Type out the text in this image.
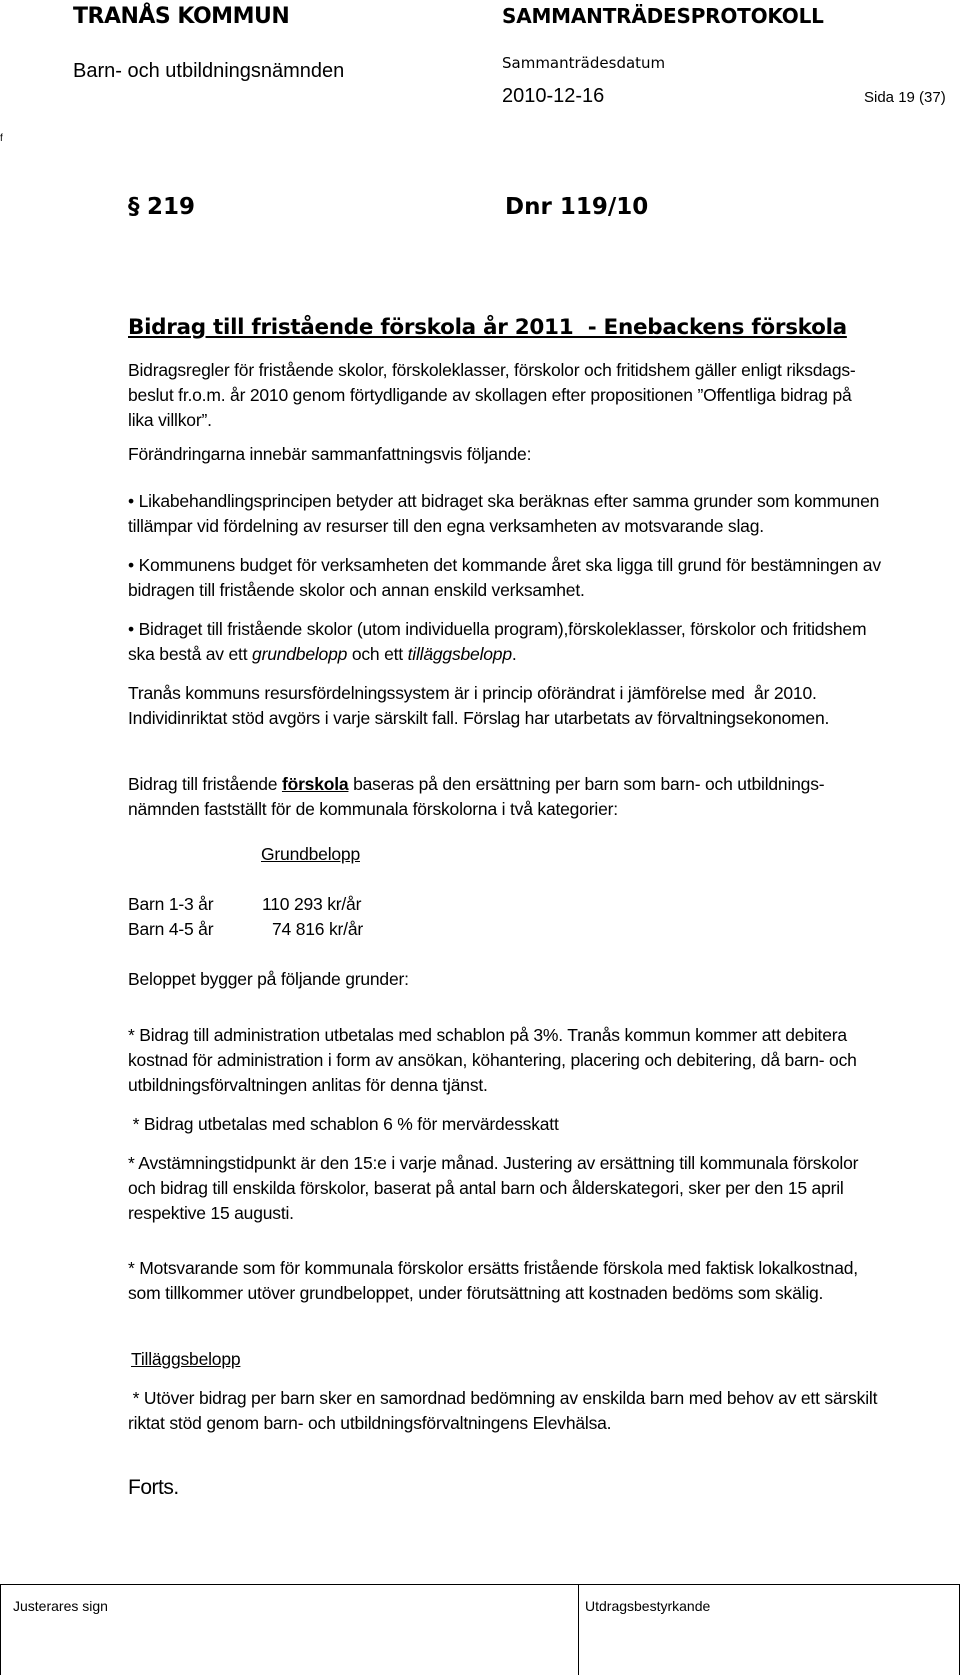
TRANÅS KOMMUN
Barn- och utbildningsnämnden
SAMMANTRÄDESPROTOKOLL
Sammanträdesdatum
2010-12-16	Sida 19 (37)
f
§ 219	Dnr 119/10
Bidrag till fristående förskola år 2011  - Enebackens förskola
Bidragsregler för fristående skolor, förskoleklasser, förskolor och fritidshem gäller enligt riksdags-
beslut fr.o.m. år 2010 genom förtydligande av skollagen efter propositionen ”Offentliga bidrag på
lika villkor”.
Förändringarna innebär sammanfattningsvis följande:
• Likabehandlingsprincipen betyder att bidraget ska beräknas efter samma grunder som kommunen
tillämpar vid fördelning av resurser till den egna verksamheten av motsvarande slag.
• Kommunens budget för verksamheten det kommande året ska ligga till grund för bestämningen av
bidragen till fristående skolor och annan enskild verksamhet.
• Bidraget till fristående skolor (utom individuella program),förskoleklasser, förskolor och fritidshem
ska bestå av ett grundbelopp och ett tilläggsbelopp.
Tranås kommuns resursfördelningssystem är i princip oförändrat i jämförelse med  år 2010.
Individinriktat stöd avgörs i varje särskilt fall. Förslag har utarbetats av förvaltningsekonomen.
Bidrag till fristående förskola baseras på den ersättning per barn som barn- och utbildnings-
nämnden fastställt för de kommunala förskolorna i två kategorier:
Grundbelopp
Barn 1-3 år	110 293 kr/år
Barn 4-5 år	74 816 kr/år
Beloppet bygger på följande grunder:
* Bidrag till administration utbetalas med schablon på 3%. Tranås kommun kommer att debitera
kostnad för administration i form av ansökan, köhantering, placering och debitering, då barn- och
utbildningsförvaltningen anlitas för denna tjänst.
* Bidrag utbetalas med schablon 6 % för mervärdesskatt
* Avstämningstidpunkt är den 15:e i varje månad. Justering av ersättning till kommunala förskolor
och bidrag till enskilda förskolor, baserat på antal barn och ålderskategori, sker per den 15 april
respektive 15 augusti.
* Motsvarande som för kommunala förskolor ersätts fristående förskola med faktisk lokalkostnad,
som tillkommer utöver grundbeloppet, under förutsättning att kostnaden bedöms som skälig.
Tilläggsbelopp
* Utöver bidrag per barn sker en samordnad bedömning av enskilda barn med behov av ett särskilt
riktat stöd genom barn- och utbildningsförvaltningens Elevhälsa.
Forts.
Justerares sign	Utdragsbestyrkande
